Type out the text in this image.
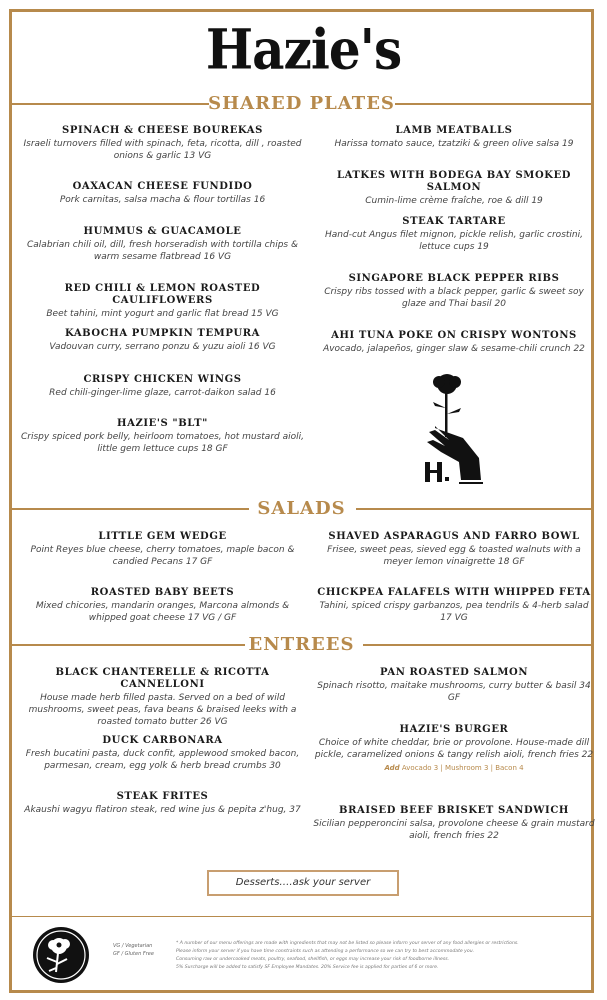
Hazie's
SHARED PLATES
SPINACH & CHEESE BOUREKAS
Israeli turnovers filled with spinach, feta, ricotta, dill , roasted onions & garlic 13 VG
OAXACAN CHEESE FUNDIDO
Pork carnitas, salsa macha & flour tortillas 16
HUMMUS & GUACAMOLE
Calabrian chili oil, dill, fresh horseradish with tortilla chips & warm sesame flatbread 16 VG
RED CHILI & LEMON ROASTED CAULIFLOWERS
Beet tahini, mint yogurt and garlic flat bread 15 VG
KABOCHA PUMPKIN TEMPURA
Vadouvan curry, serrano ponzu & yuzu aioli 16 VG
CRISPY CHICKEN WINGS
Red chili-ginger-lime glaze, carrot-daikon salad 16
HAZIE'S "BLT"
Crispy spiced pork belly, heirloom tomatoes, hot mustard aioli, little gem lettuce cups 18 GF
LAMB MEATBALLS
Harissa tomato sauce, tzatziki & green olive salsa 19
LATKES WITH BODEGA BAY SMOKED SALMON
Cumin-lime crème fraîche, roe & dill 19
STEAK TARTARE
Hand-cut Angus filet mignon, pickle relish, garlic crostini, lettuce cups 19
SINGAPORE BLACK PEPPER RIBS
Crispy ribs tossed with a black pepper, garlic & sweet soy glaze and Thai basil 20
AHI TUNA POKE ON CRISPY WONTONS
Avocado, jalapeños, ginger slaw & sesame-chili crunch 22
SALADS
LITTLE GEM WEDGE
Point Reyes blue cheese, cherry tomatoes, maple bacon & candied Pecans 17 GF
ROASTED BABY BEETS
Mixed chicories, mandarin oranges, Marcona almonds & whipped goat cheese 17 VG / GF
SHAVED ASPARAGUS AND FARRO BOWL
Frisee, sweet peas, sieved egg & toasted walnuts with a meyer lemon vinaigrette 18 GF
CHICKPEA FALAFELS WITH WHIPPED FETA
Tahini, spiced crispy garbanzos, pea tendrils & 4-herb salad 17 VG
ENTREES
BLACK CHANTERELLE & RICOTTA CANNELLONI
House made herb filled pasta. Served on a bed of wild mushrooms, sweet peas, fava beans & braised leeks with a roasted tomato butter 26 VG
DUCK CARBONARA
Fresh bucatini pasta, duck confit, applewood smoked bacon, parmesan, cream, egg yolk & herb bread crumbs 30
STEAK FRITES
Akaushi wagyu flatiron steak, red wine jus & pepita z'hug, 37
PAN ROASTED SALMON
Spinach risotto, maitake mushrooms, curry butter & basil 34 GF
HAZIE'S BURGER
Choice of white cheddar, brie or provolone. House-made dill pickle, caramelized onions & tangy relish aioli, french fries 22
Add Avocado 3 | Mushroom 3 | Bacon 4
BRAISED BEEF BRISKET SANDWICH
Sicilian pepperoncini salsa, provolone cheese & grain mustard aioli, french fries 22
Desserts….ask your server
VG / Vegetarian
GF / Gluten Free
* A number of our menu offerings are made with ingredients that may not be listed so please inform your server of any food allergies or restrictions.
Please inform your server if you have time constraints such as attending a performance so we can try to best accommodate you.
Consuming raw or undercooked meats, poultry, seafood, shellfish, or eggs may increase your risk of foodborne illness.
5% Surcharge will be added to satisfy SF Employee Mandates. 20% Service fee is applied for parties of 6 or more.
